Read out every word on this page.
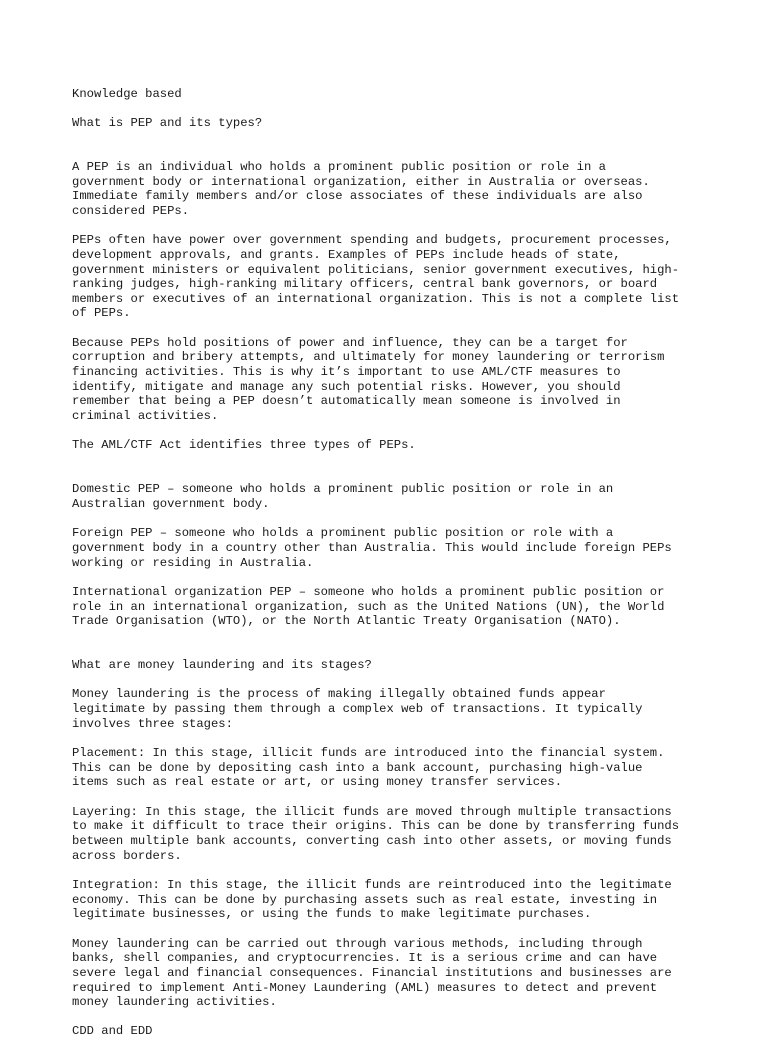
Knowledge based

What is PEP and its types?

A PEP is an individual who holds a prominent public position or role in a
government body or international organization, either in Australia or overseas.
Immediate family members and/or close associates of these individuals are also
considered PEPs.
PEPs often have power over government spending and budgets, procurement processes,
development approvals, and grants. Examples of PEPs include heads of state,
government ministers or equivalent politicians, senior government executives, high-
ranking judges, high-ranking military officers, central bank governors, or board
members or executives of an international organization. This is not a complete list
of PEPs.
Because PEPs hold positions of power and influence, they can be a target for
corruption and bribery attempts, and ultimately for money laundering or terrorism
financing activities. This is why it’s important to use AML/CTF measures to
identify, mitigate and manage any such potential risks. However, you should
remember that being a PEP doesn’t automatically mean someone is involved in
criminal activities.
The AML/CTF Act identifies three types of PEPs.

Domestic PEP – someone who holds a prominent public position or role in an
Australian government body.

Foreign PEP – someone who holds a prominent public position or role with a
government body in a country other than Australia. This would include foreign PEPs
working or residing in Australia.

International organization PEP – someone who holds a prominent public position or
role in an international organization, such as the United Nations (UN), the World
Trade Organisation (WTO), or the North Atlantic Treaty Organisation (NATO).

What are money laundering and its stages?
Money laundering is the process of making illegally obtained funds appear
legitimate by passing them through a complex web of transactions. It typically
involves three stages:
Placement: In this stage, illicit funds are introduced into the financial system.
This can be done by depositing cash into a bank account, purchasing high-value
items such as real estate or art, or using money transfer services.
Layering: In this stage, the illicit funds are moved through multiple transactions
to make it difficult to trace their origins. This can be done by transferring funds
between multiple bank accounts, converting cash into other assets, or moving funds
across borders.
Integration: In this stage, the illicit funds are reintroduced into the legitimate
economy. This can be done by purchasing assets such as real estate, investing in
legitimate businesses, or using the funds to make legitimate purchases.
Money laundering can be carried out through various methods, including through
banks, shell companies, and cryptocurrencies. It is a serious crime and can have
severe legal and financial consequences. Financial institutions and businesses are
required to implement Anti-Money Laundering (AML) measures to detect and prevent
money laundering activities.
CDD and EDD
